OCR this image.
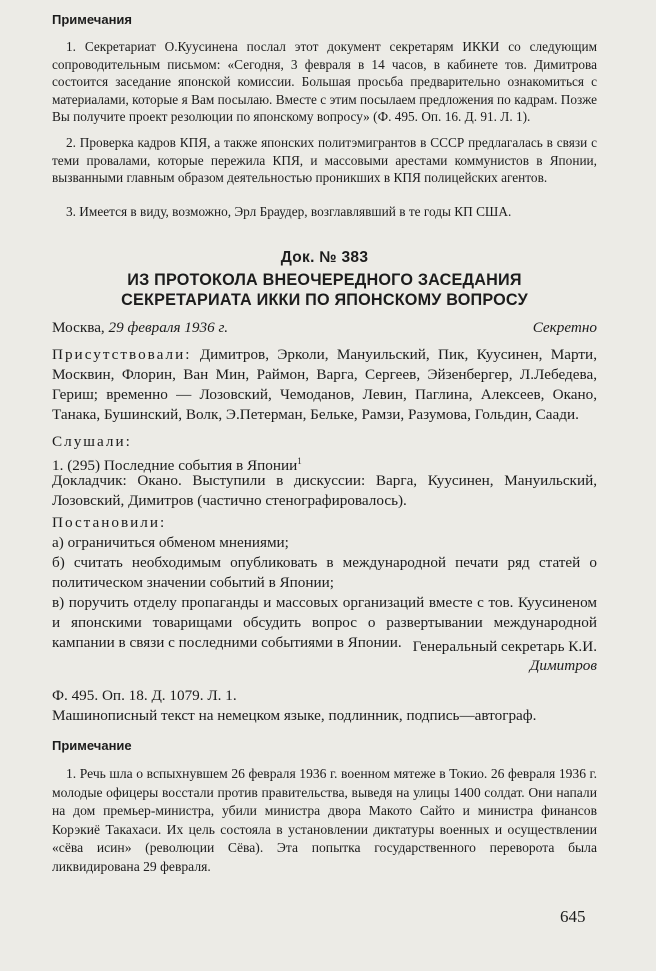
Примечания

1. Секретариат О.Куусинена послал этот документ секретарям ИККИ со следующим сопроводительным письмом: «Сегодня, 3 февраля в 14 часов, в кабинете тов. Димитрова состоится заседание японской комиссии. Большая просьба предварительно ознакомиться с материалами, которые я Вам посылаю. Вместе с этим посылаем предложения по кадрам. Позже Вы получите проект резолюции по японскому вопросу» (Ф. 495. Оп. 16. Д. 91. Л. 1).

2. Проверка кадров КПЯ, а также японских политэмигрантов в СССР предлагалась в связи с теми провалами, которые пережила КПЯ, и массовыми арестами коммунистов в Японии, вызванными главным образом деятельностью проникших в КПЯ полицейских агентов.

3. Имеется в виду, возможно, Эрл Браудер, возглавлявший в те годы КП США.

Док. № 383
ИЗ ПРОТОКОЛА ВНЕОЧЕРЕДНОГО ЗАСЕДАНИЯ
СЕКРЕТАРИАТА ИККИ ПО ЯПОНСКОМУ ВОПРОСУ
Москва, 29 февраля 1936 г.	Секретно

Присутствовали: Димитров, Эрколи, Мануильский, Пик, Куусинен, Марти, Москвин, Флорин, Ван Мин, Раймон, Варга, Сергеев, Эйзенбергер, Л.Лебедева, Гериш; временно — Лозовский, Чемоданов, Левин, Паглина, Алексеев, Окано, Танака, Бушинский, Волк, Э.Петерман, Бельке, Рамзи, Разумова, Гольдин, Саади.

Слушали:
1. (295) Последние события в Японии$^1$

Докладчик: Окано. Выступили в дискуссии: Варга, Куусинен, Мануильский, Лозовский, Димитров (частично стенографировалось).

Постановили:

а) ограничиться обменом мнениями;

б) считать необходимым опубликовать в международной печати ряд статей о политическом значении событий в Японии;

в) поручить отделу пропаганды и массовых организаций вместе с тов. Куусиненом и японскими товарищами обсудить вопрос о развертывании международной кампании в связи с последними событиями в Японии. Генеральный секретарь К.И.
Димитров
Ф. 495. Оп. 18. Д. 1079. Л. 1.
Машинописный текст на немецком языке, подлинник, подпись—автограф.
Примечание

1. Речь шла о вспыхнувшем 26 февраля 1936 г. военном мятеже в Токио. 26 февраля 1936 г. молодые офицеры восстали против правительства, выведя на улицы 1400 солдат. Они напали на дом премьер-министра, убили министра двора Макото Сайто и министра финансов Корэкиё Такахаси. Их цель состояла в установлении диктатуры военных и осуществлении «сёва исин» (революции Сёва). Эта попытка государственного переворота была ликвидирована 29 февраля.

645
